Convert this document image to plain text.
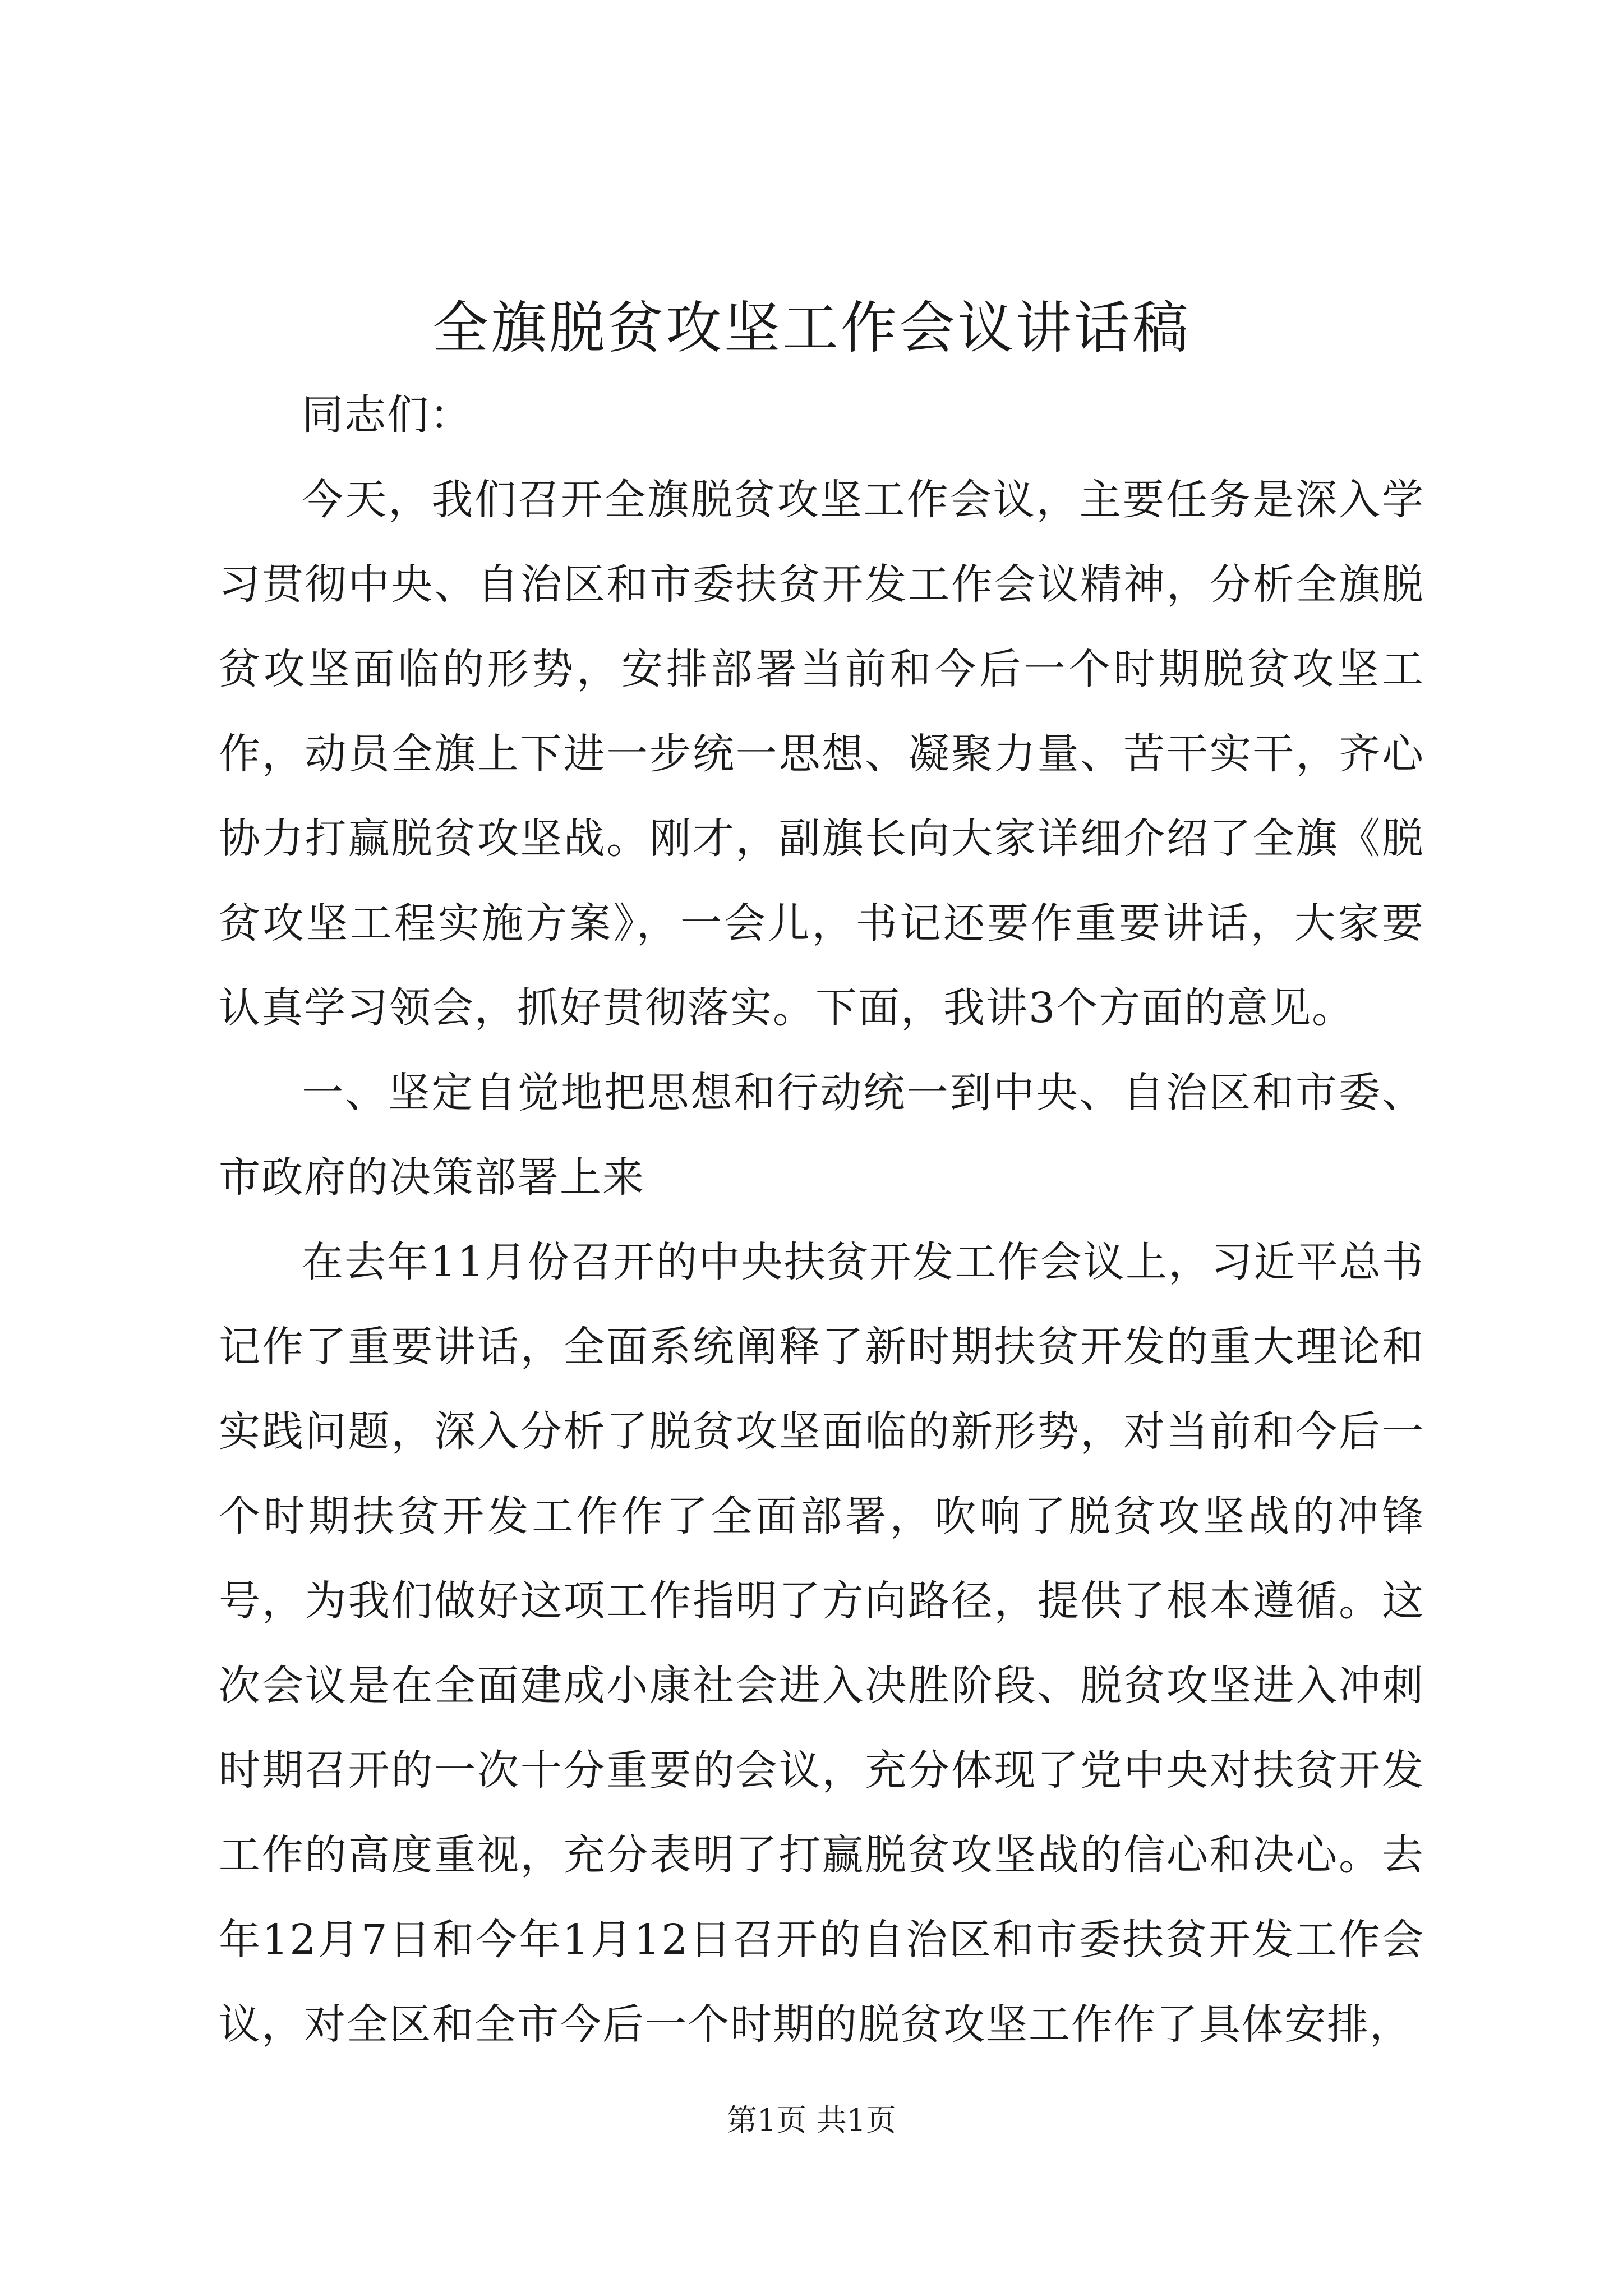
全旗脱贫攻坚工作会议讲话稿

同志们：

今天，我们召开全旗脱贫攻坚工作会议，主要任务是深入学习贯彻中央、自治区和市委扶贫开发工作会议精神，分析全旗脱贫攻坚面临的形势，安排部署当前和今后一个时期脱贫攻坚工作，动员全旗上下进一步统一思想、凝聚力量、苦干实干，齐心协力打赢脱贫攻坚战。刚才，副旗长向大家详细介绍了全旗《脱贫攻坚工程实施方案》，一会儿，书记还要作重要讲话，大家要认真学习领会，抓好贯彻落实。下面，我讲3个方面的意见。

一、坚定自觉地把思想和行动统一到中央、自治区和市委、市政府的决策部署上来

在去年11月份召开的中央扶贫开发工作会议上，习近平总书记作了重要讲话，全面系统阐释了新时期扶贫开发的重大理论和实践问题，深入分析了脱贫攻坚面临的新形势，对当前和今后一个时期扶贫开发工作作了全面部署，吹响了脱贫攻坚战的冲锋号，为我们做好这项工作指明了方向路径，提供了根本遵循。这次会议是在全面建成小康社会进入决胜阶段、脱贫攻坚进入冲刺时期召开的一次十分重要的会议，充分体现了党中央对扶贫开发工作的高度重视，充分表明了打赢脱贫攻坚战的信心和决心。去年12月7日和今年1月12日召开的自治区和市委扶贫开发工作会议，对全区和全市今后一个时期的脱贫攻坚工作作了具体安排，

第1页 共1页
